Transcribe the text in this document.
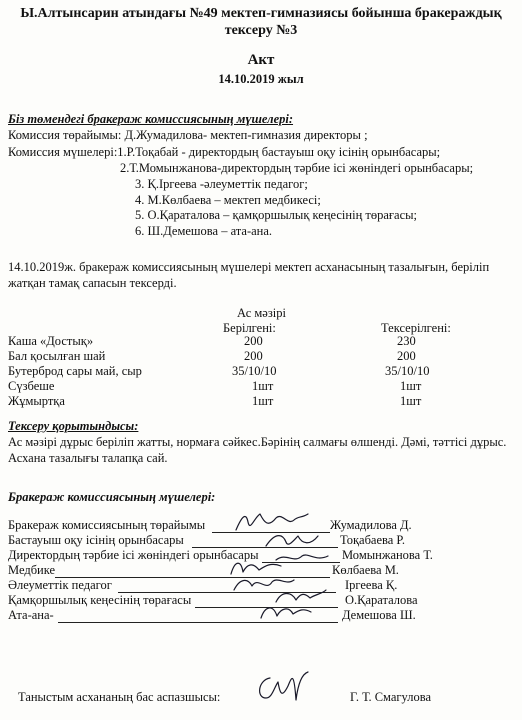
Ы.Алтынсарин атындағы №49 мектеп-гимназиясы бойынша бракераждық
тексеру №3
Акт
14.10.2019 жыл
Біз төмендегі бракераж комиссиясының мүшелері:
Комиссия төрайымы: Д.Жумадилова- мектеп-гимназия директоры ;
Комиссия мүшелері:1.Р.Тоқабай - директордың бастауыш оқу ісінің орынбасары;
2.Т.Момынжанова-директордың тәрбие ісі жөніндегі орынбасары;
3. Қ.Іргеева -әлеуметтік педагог;
4. М.Көлбаева – мектеп медбикесі;
5. О.Қараталова – қамқоршылық кеңесінің төрағасы;
6. Ш.Демешова – ата-ана.
14.10.2019ж. бракераж комиссиясының мүшелері мектеп асханасының тазалығын, беріліп
жатқан тамақ сапасын тексерді.
Ас мәзірі
Берілгені:	Тексерілгені:
Каша «Достық»	200	230
Бал қосылған шай	200	200
Бутерброд сары май, сыр	35/10/10	35/10/10
Сүзбеше	1шт	1шт
Жұмыртқа	1шт	1шт
Тексеру қорытындысы:
Ас мәзірі дұрыс беріліп жатты, нормаға сәйкес.Бәрінің салмағы өлшенді. Дәмі, тәттісі дұрыс.
Асхана тазалығы талапқа сай.
Бракераж комиссиясының мүшелері:
Бракераж комиссиясының төрайымы	Жумадилова Д.
Бастауыш оқу ісінің орынбасары	Тоқабаева Р.
Директордың тәрбие ісі жөніндегі орынбасары	Момынжанова Т.
Медбике	Көлбаева М.
Әлеуметтік педагог	Іргеева Қ.
Қамқоршылық кеңесінің төрағасы	О.Қараталова
Ата-ана-	Демешова Ш.
Таныстым асхананың бас аспазшысы:	Г. Т. Смагулова
